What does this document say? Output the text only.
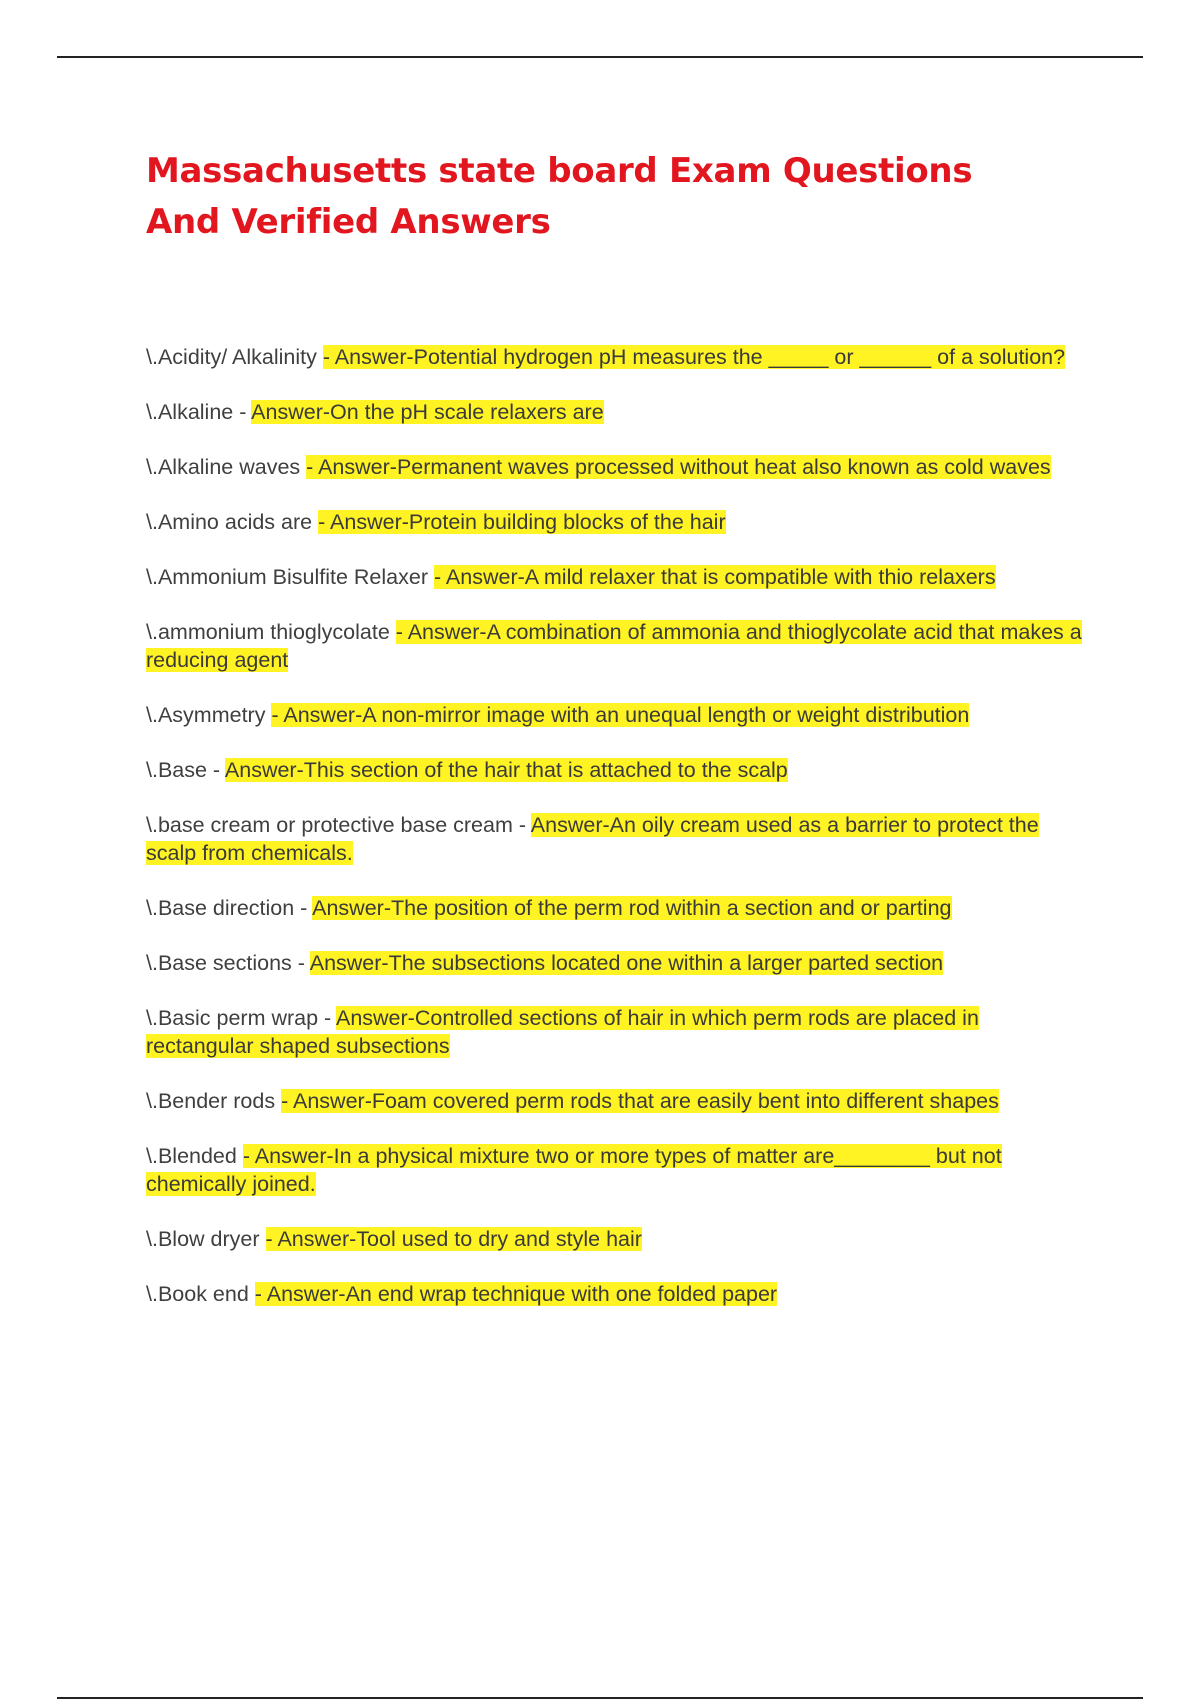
Massachusetts state board Exam Questions And Verified Answers
\.Acidity/ Alkalinity - Answer-Potential hydrogen pH measures the _____ or ______ of a solution?
\.Alkaline - Answer-On the pH scale relaxers are
\.Alkaline waves - Answer-Permanent waves processed without heat also known as cold waves
\.Amino acids are - Answer-Protein building blocks of the hair
\.Ammonium Bisulfite Relaxer - Answer-A mild relaxer that is compatible with thio relaxers
\.ammonium thioglycolate - Answer-A combination of ammonia and thioglycolate acid that makes a reducing agent
\.Asymmetry - Answer-A non-mirror image with an unequal length or weight distribution
\.Base - Answer-This section of the hair that is attached to the scalp
\.base cream or protective base cream - Answer-An oily cream used as a barrier to protect the scalp from chemicals.
\.Base direction - Answer-The position of the perm rod within a section and or parting
\.Base sections - Answer-The subsections located one within a larger parted section
\.Basic perm wrap - Answer-Controlled sections of hair in which perm rods are placed in rectangular shaped subsections
\.Bender rods - Answer-Foam covered perm rods that are easily bent into different shapes
\.Blended - Answer-In a physical mixture two or more types of matter are________ but not chemically joined.
\.Blow dryer - Answer-Tool used to dry and style hair
\.Book end - Answer-An end wrap technique with one folded paper
